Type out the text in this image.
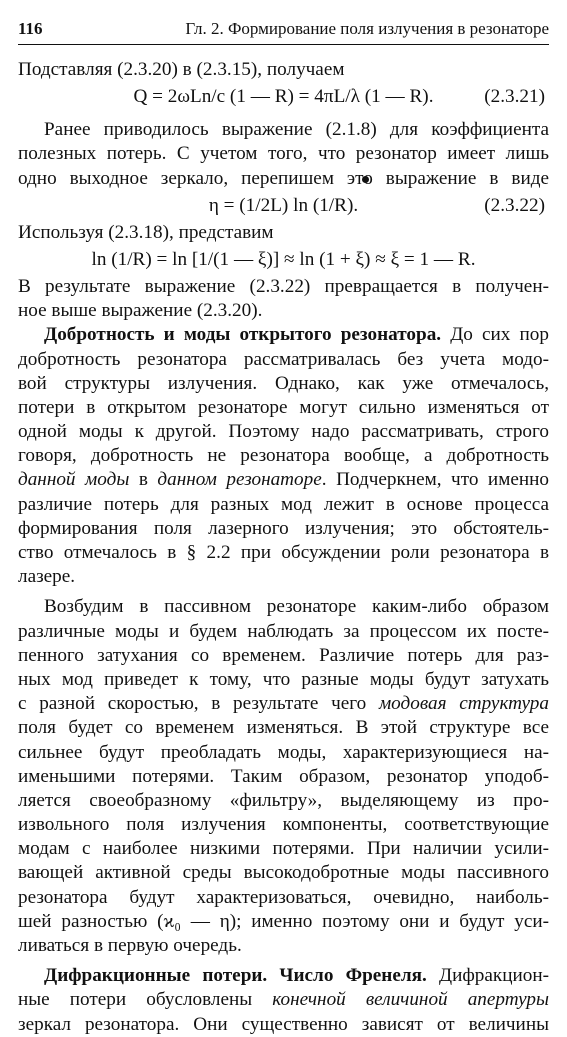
116	Гл. 2. Формирование поля излучения в резонаторе
Подставляя (2.3.20) в (2.3.15), получаем
Q = 2ωLn/c (1 — R) = 4πL/λ (1 — R).	(2.3.21)
Ранее приводилось выражение (2.1.8) для коэффициента
полезных потерь. С учетом того, что резонатор имеет лишь
одно выходное зеркало, перепишем это выражение в виде
η = (1/2L) ln (1/R).	(2.3.22)
Используя (2.3.18), представим
ln (1/R) = ln [1/(1 — ξ)] ≈ ln (1 + ξ) ≈ ξ = 1 — R.
В результате выражение (2.3.22) превращается в получен-
ное выше выражение (2.3.20).
Добротность и моды открытого резонатора. До сих пор
добротность резонатора рассматривалась без учета модо-
вой структуры излучения. Однако, как уже отмечалось,
потери в открытом резонаторе могут сильно изменяться от
одной моды к другой. Поэтому надо рассматривать, строго
говоря, добротность не резонатора вообще, а добротность
данной моды в данном резонаторе. Подчеркнем, что именно
различие потерь для разных мод лежит в основе процесса
формирования поля лазерного излучения; это обстоятель-
ство отмечалось в § 2.2 при обсуждении роли резонатора в
лазере.
Возбудим в пассивном резонаторе каким-либо образом
различные моды и будем наблюдать за процессом их посте-
пенного затухания со временем. Различие потерь для раз-
ных мод приведет к тому, что разные моды будут затухать
с разной скоростью, в результате чего модовая структура
поля будет со временем изменяться. В этой структуре все
сильнее будут преобладать моды, характеризующиеся на-
именьшими потерями. Таким образом, резонатор уподоб-
ляется своеобразному «фильтру», выделяющему из про-
извольного поля излучения компоненты, соответствующие
модам с наиболее низкими потерями. При наличии усили-
вающей активной среды высокодобротные моды пассивного
резонатора будут характеризоваться, очевидно, наиболь-
шей разностью (ϰ₀ — η); именно поэтому они и будут уси-
ливаться в первую очередь.
Дифракционные потери. Число Френеля. Дифракцион-
ные потери обусловлены конечной величиной апертуры
зеркал резонатора. Они существенно зависят от величины
